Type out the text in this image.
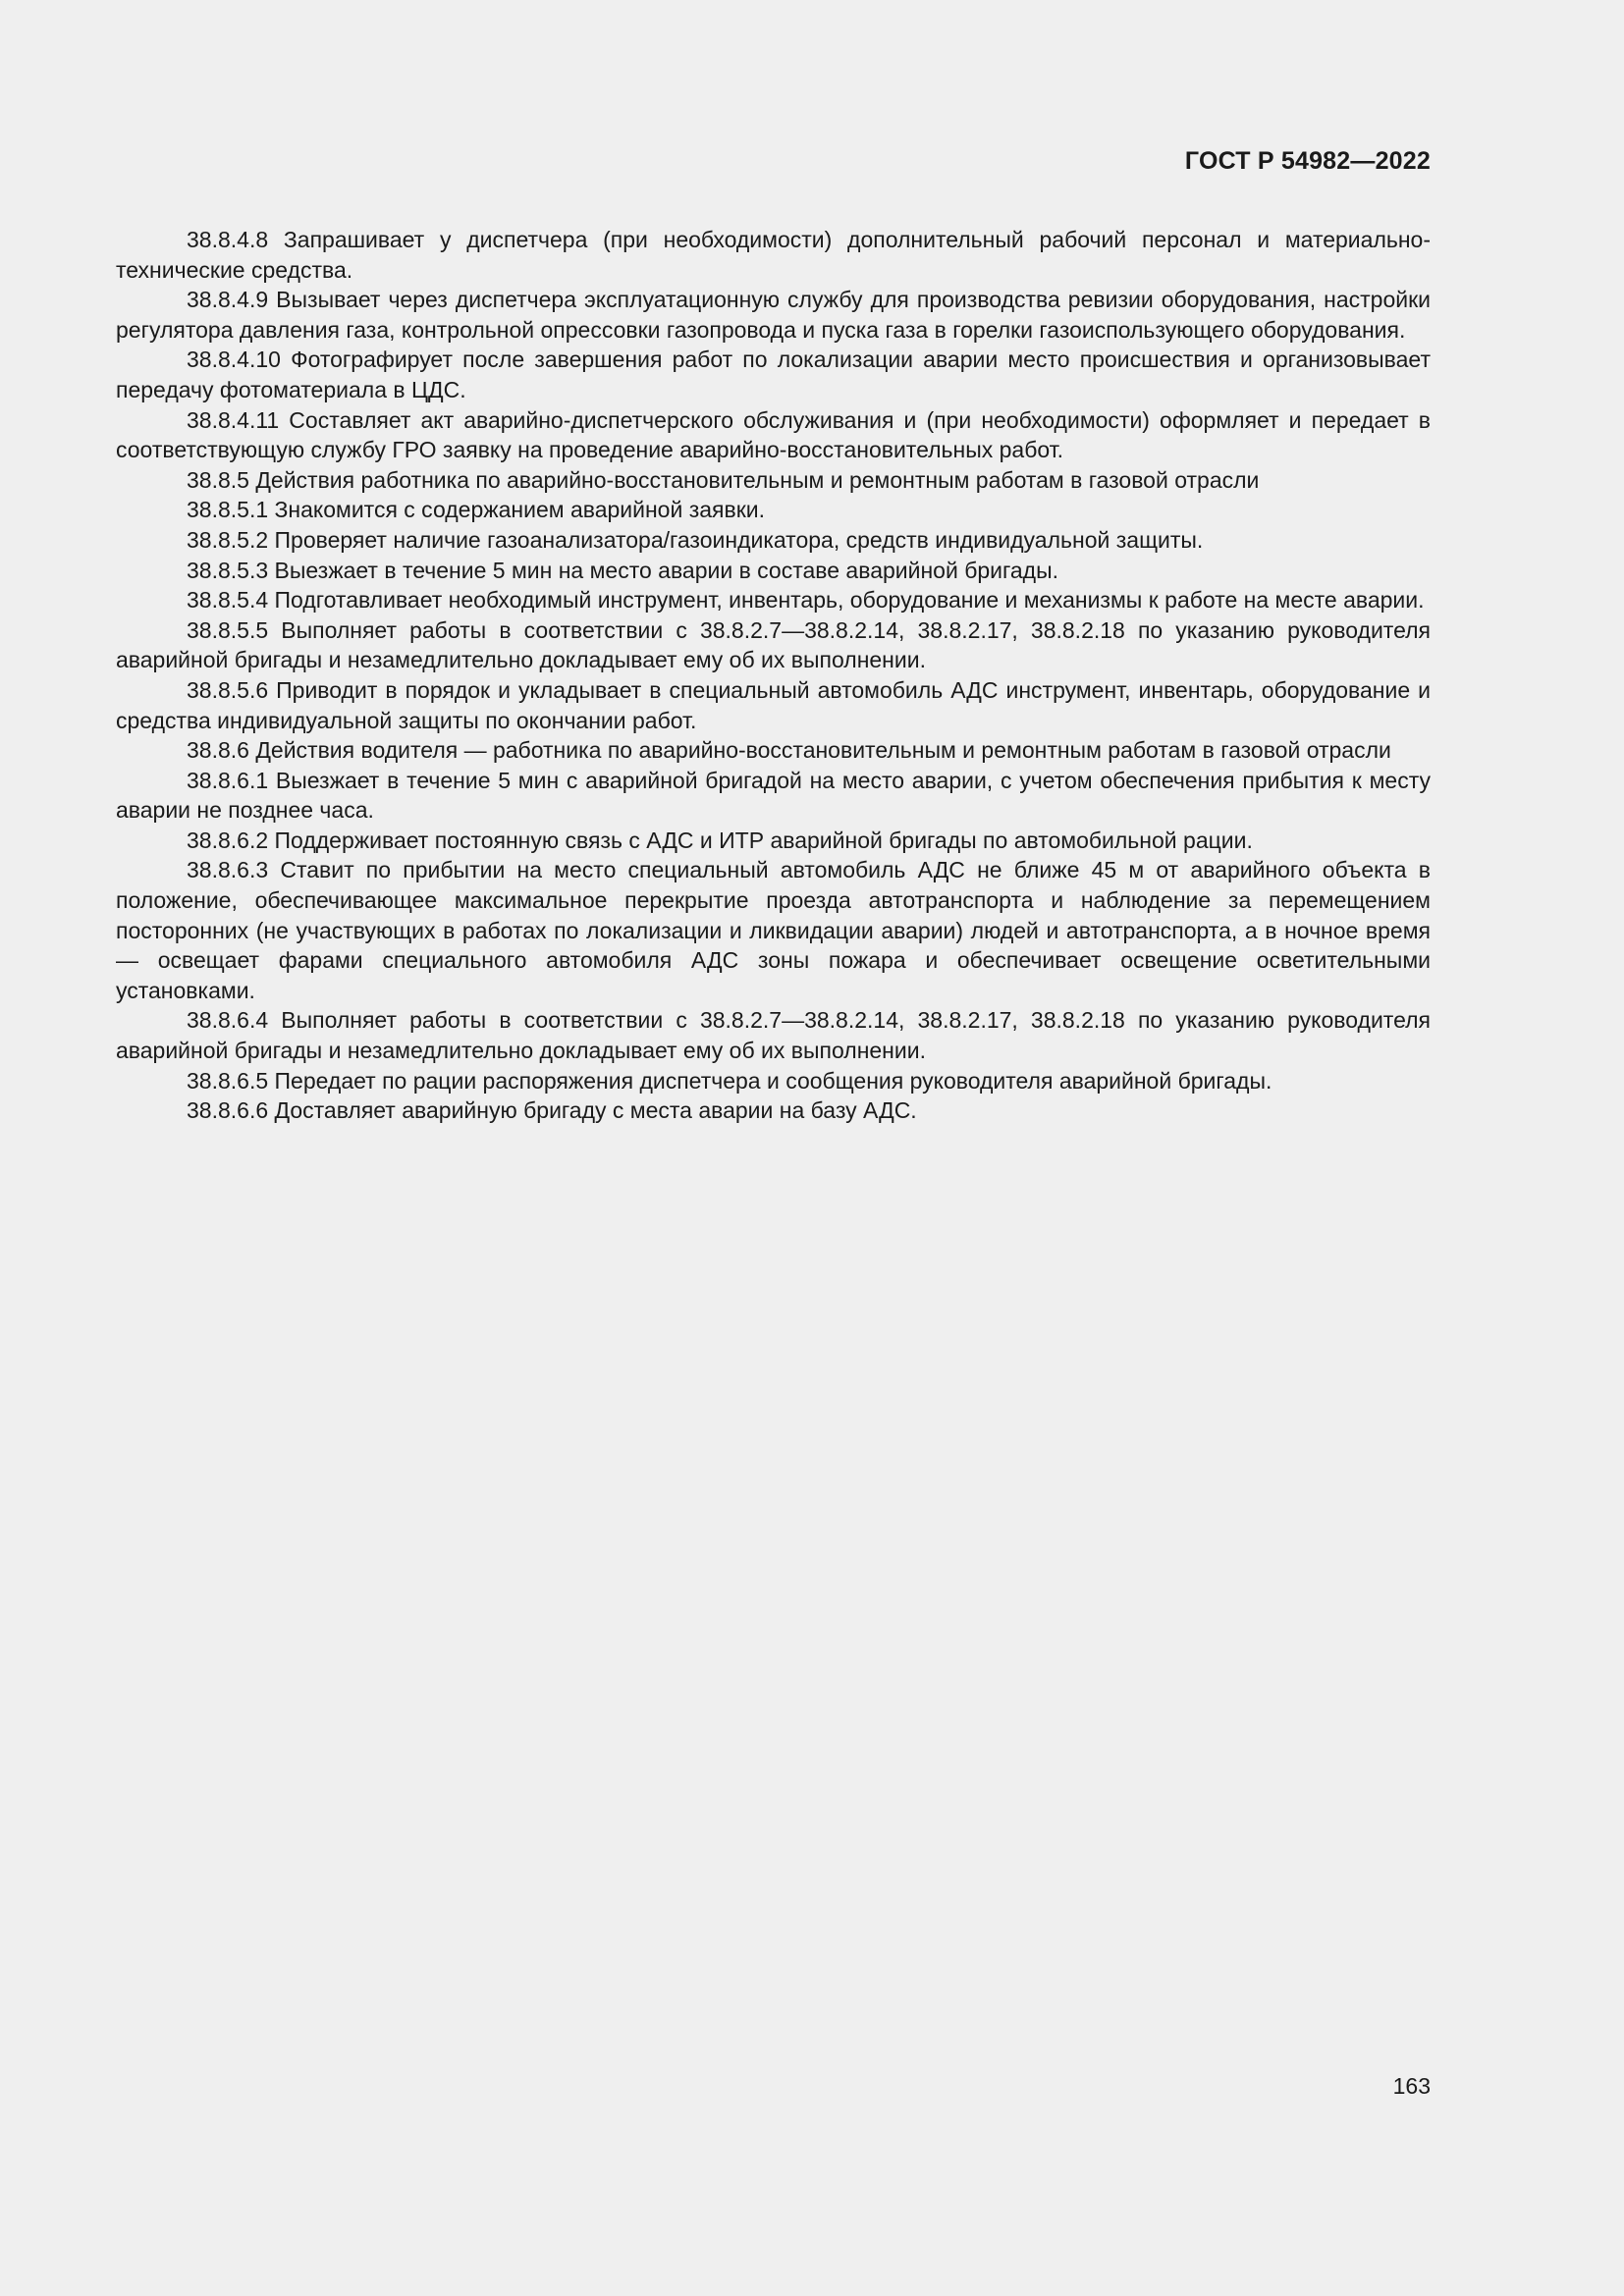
ГОСТ Р 54982—2022

38.8.4.8 Запрашивает у диспетчера (при необходимости) дополнительный рабочий персонал и материально-технические средства.

38.8.4.9 Вызывает через диспетчера эксплуатационную службу для производства ревизии оборудования, настройки регулятора давления газа, контрольной опрессовки газопровода и пуска газа в горелки газоиспользующего оборудования.

38.8.4.10 Фотографирует после завершения работ по локализации аварии место происшествия и организовывает передачу фотоматериала в ЦДС.

38.8.4.11 Составляет акт аварийно-диспетчерского обслуживания и (при необходимости) оформляет и передает в соответствующую службу ГРО заявку на проведение аварийно-восстановительных работ.

38.8.5 Действия работника по аварийно-восстановительным и ремонтным работам в газовой отрасли

38.8.5.1 Знакомится с содержанием аварийной заявки.

38.8.5.2 Проверяет наличие газоанализатора/газоиндикатора, средств индивидуальной защиты.

38.8.5.3 Выезжает в течение 5 мин на место аварии в составе аварийной бригады.

38.8.5.4 Подготавливает необходимый инструмент, инвентарь, оборудование и механизмы к работе на месте аварии.

38.8.5.5 Выполняет работы в соответствии с 38.8.2.7—38.8.2.14, 38.8.2.17, 38.8.2.18 по указанию руководителя аварийной бригады и незамедлительно докладывает ему об их выполнении.

38.8.5.6 Приводит в порядок и укладывает в специальный автомобиль АДС инструмент, инвентарь, оборудование и средства индивидуальной защиты по окончании работ.

38.8.6 Действия водителя — работника по аварийно-восстановительным и ремонтным работам в газовой отрасли

38.8.6.1 Выезжает в течение 5 мин с аварийной бригадой на место аварии, с учетом обеспечения прибытия к месту аварии не позднее часа.

38.8.6.2 Поддерживает постоянную связь с АДС и ИТР аварийной бригады по автомобильной рации.

38.8.6.3 Ставит по прибытии на место специальный автомобиль АДС не ближе 45 м от аварийного объекта в положение, обеспечивающее максимальное перекрытие проезда автотранспорта и наблюдение за перемещением посторонних (не участвующих в работах по локализации и ликвидации аварии) людей и автотранспорта, а в ночное время — освещает фарами специального автомобиля АДС зоны пожара и обеспечивает освещение осветительными установками.

38.8.6.4 Выполняет работы в соответствии с 38.8.2.7—38.8.2.14, 38.8.2.17, 38.8.2.18 по указанию руководителя аварийной бригады и незамедлительно докладывает ему об их выполнении.

38.8.6.5 Передает по рации распоряжения диспетчера и сообщения руководителя аварийной бригады.

38.8.6.6 Доставляет аварийную бригаду с места аварии на базу АДС.

163
